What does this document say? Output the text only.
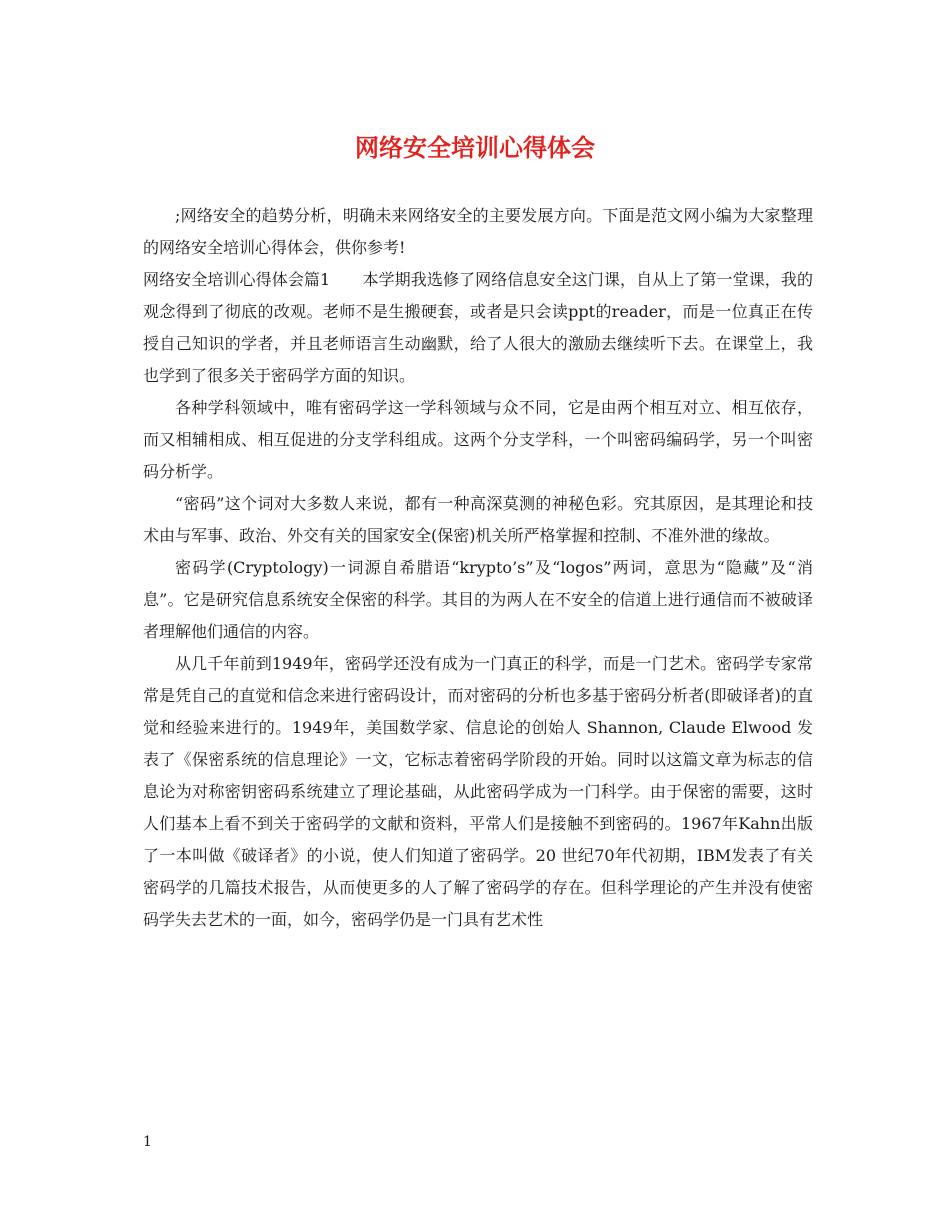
网络安全培训心得体会

;网络安全的趋势分析，明确未来网络安全的主要发展方向。下面是范文网小编为大家整理的网络安全培训心得体会，供你参考!

网络安全培训心得体会篇1　　本学期我选修了网络信息安全这门课，自从上了第一堂课，我的观念得到了彻底的改观。老师不是生搬硬套，或者是只会读ppt的reader，而是一位真正在传授自己知识的学者，并且老师语言生动幽默，给了人很大的激励去继续听下去。在课堂上，我也学到了很多关于密码学方面的知识。

各种学科领域中，唯有密码学这一学科领域与众不同，它是由两个相互对立、相互依存，而又相辅相成、相互促进的分支学科组成。这两个分支学科，一个叫密码编码学，另一个叫密码分析学。

“密码”这个词对大多数人来说，都有一种高深莫测的神秘色彩。究其原因，是其理论和技术由与军事、政治、外交有关的国家安全(保密)机关所严格掌握和控制、不准外泄的缘故。

密码学(Cryptology)一词源自希腊语“krypto’s”及“logos”两词，意思为“隐藏”及“消息”。它是研究信息系统安全保密的科学。其目的为两人在不安全的信道上进行通信而不被破译者理解他们通信的内容。

从几千年前到1949年，密码学还没有成为一门真正的科学，而是一门艺术。密码学专家常常是凭自己的直觉和信念来进行密码设计，而对密码的分析也多基于密码分析者(即破译者)的直觉和经验来进行的。1949年，美国数学家、信息论的创始人 Shannon, Claude Elwood 发表了《保密系统的信息理论》一文，它标志着密码学阶段的开始。同时以这篇文章为标志的信息论为对称密钥密码系统建立了理论基础，从此密码学成为一门科学。由于保密的需要，这时人们基本上看不到关于密码学的文献和资料，平常人们是接触不到密码的。1967年Kahn出版了一本叫做《破译者》的小说，使人们知道了密码学。20 世纪70年代初期，IBM发表了有关密码学的几篇技术报告，从而使更多的人了解了密码学的存在。但科学理论的产生并没有使密码学失去艺术的一面，如今，密码学仍是一门具有艺术性

1
